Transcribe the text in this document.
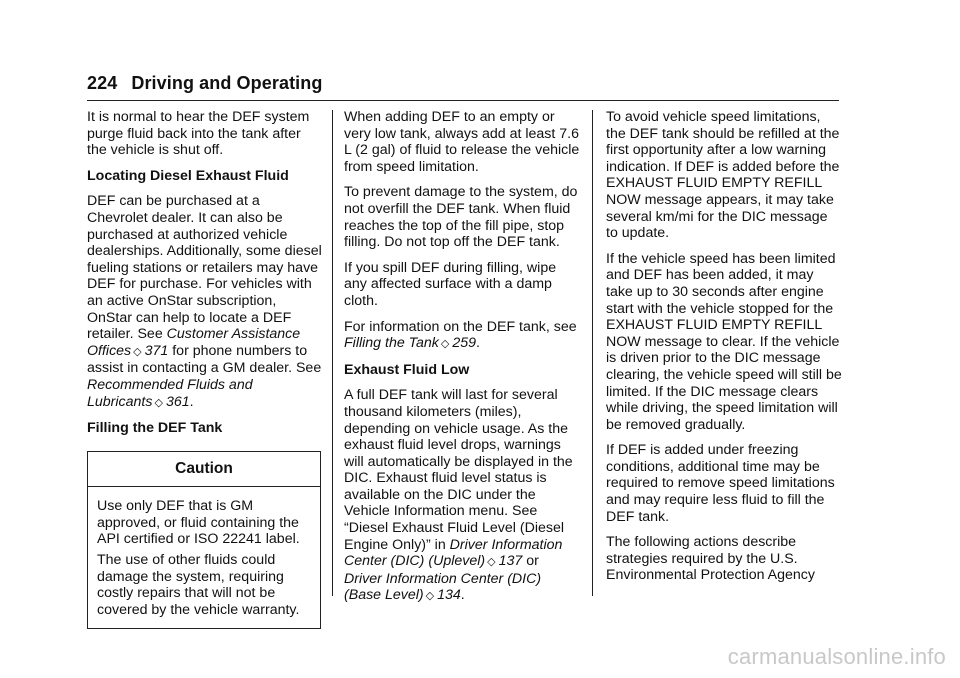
224 Driving and Operating

It is normal to hear the DEF system purge fluid back into the tank after the vehicle is shut off.

Locating Diesel Exhaust Fluid

DEF can be purchased at a Chevrolet dealer. It can also be purchased at authorized vehicle dealerships. Additionally, some diesel fueling stations or retailers may have DEF for purchase. For vehicles with an active OnStar subscription, OnStar can help to locate a DEF retailer. See Customer Assistance Offices ◇ 371 for phone numbers to assist in contacting a GM dealer. See Recommended Fluids and Lubricants ◇ 361.

Filling the DEF Tank

Caution

Use only DEF that is GM approved, or fluid containing the API certified or ISO 22241 label.

The use of other fluids could damage the system, requiring costly repairs that will not be covered by the vehicle warranty.

When adding DEF to an empty or very low tank, always add at least 7.6 L (2 gal) of fluid to release the vehicle from speed limitation.

To prevent damage to the system, do not overfill the DEF tank. When fluid reaches the top of the fill pipe, stop filling. Do not top off the DEF tank.

If you spill DEF during filling, wipe any affected surface with a damp cloth.

For information on the DEF tank, see Filling the Tank ◇ 259.

Exhaust Fluid Low

A full DEF tank will last for several thousand kilometers (miles), depending on vehicle usage. As the exhaust fluid level drops, warnings will automatically be displayed in the DIC. Exhaust fluid level status is available on the DIC under the Vehicle Information menu. See “Diesel Exhaust Fluid Level (Diesel Engine Only)” in Driver Information Center (DIC) (Uplevel) ◇ 137 or Driver Information Center (DIC) (Base Level) ◇ 134.

To avoid vehicle speed limitations, the DEF tank should be refilled at the first opportunity after a low warning indication. If DEF is added before the EXHAUST FLUID EMPTY REFILL NOW message appears, it may take several km/mi for the DIC message to update.

If the vehicle speed has been limited and DEF has been added, it may take up to 30 seconds after engine start with the vehicle stopped for the EXHAUST FLUID EMPTY REFILL NOW message to clear. If the vehicle is driven prior to the DIC message clearing, the vehicle speed will still be limited. If the DIC message clears while driving, the speed limitation will be removed gradually.

If DEF is added under freezing conditions, additional time may be required to remove speed limitations and may require less fluid to fill the DEF tank.

The following actions describe strategies required by the U.S. Environmental Protection Agency

carmanualsonline.info
